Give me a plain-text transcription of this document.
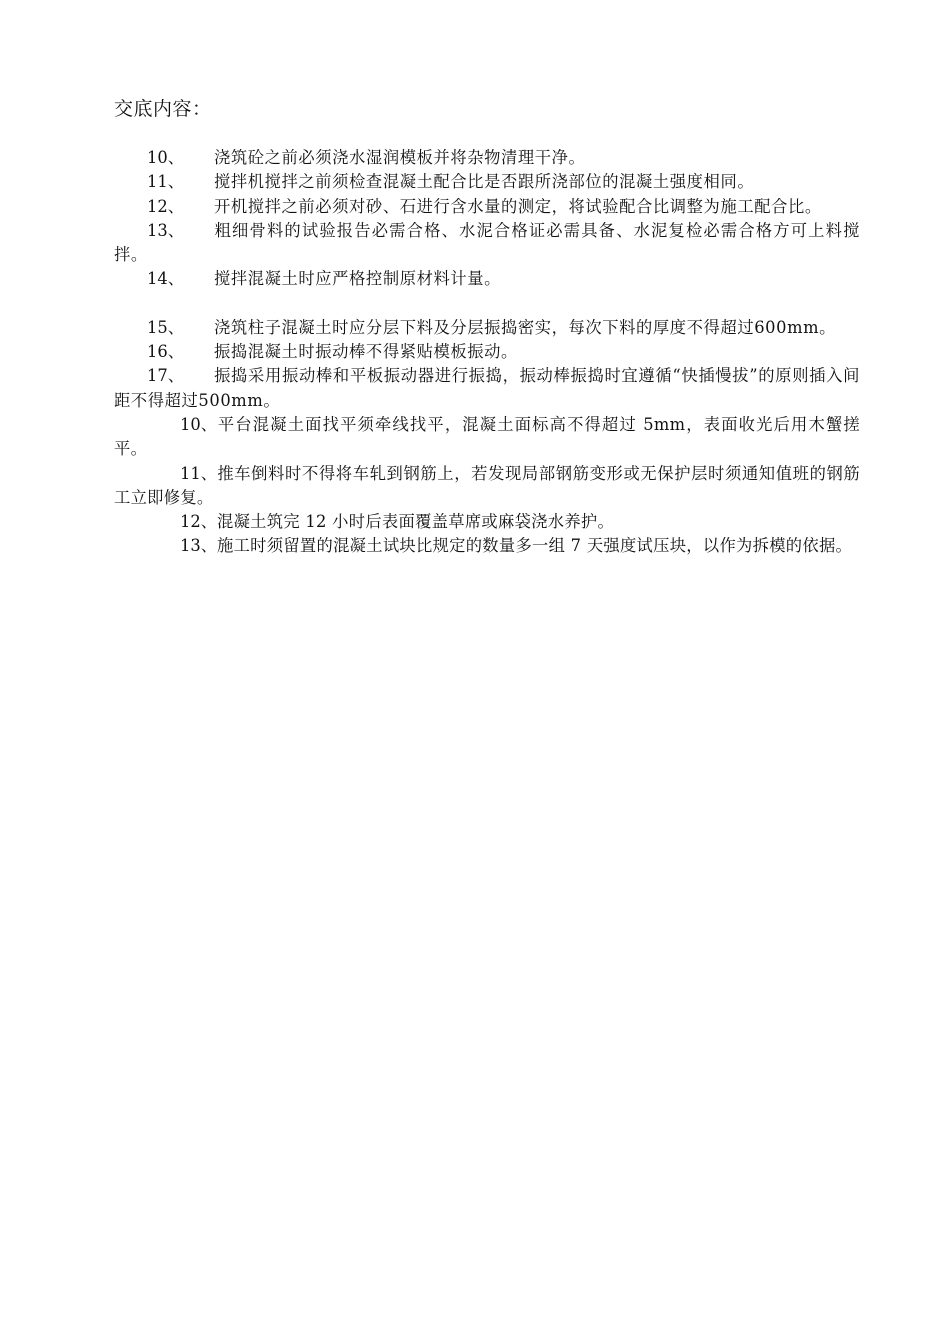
交底内容：

10、 浇筑砼之前必须浇水湿润模板并将杂物清理干净。

11、 搅拌机搅拌之前须检查混凝土配合比是否跟所浇部位的混凝土强度相同。

12、 开机搅拌之前必须对砂、石进行含水量的测定，将试验配合比调整为施工配合比。

13、 粗细骨料的试验报告必需合格、水泥合格证必需具备、水泥复检必需合格方可上料搅拌。

14、 搅拌混凝土时应严格控制原材料计量。

15、 浇筑柱子混凝土时应分层下料及分层振捣密实，每次下料的厚度不得超过600mm。

16、 振捣混凝土时振动棒不得紧贴模板振动。

17、 振捣采用振动棒和平板振动器进行振捣，振动棒振捣时宜遵循“快插慢拔”的原则插入间距不得超过500mm。

10、平台混凝土面找平须牵线找平，混凝土面标高不得超过 5mm，表面收光后用木蟹搓平。

11、推车倒料时不得将车轧到钢筋上，若发现局部钢筋变形或无保护层时须通知值班的钢筋工立即修复。

12、混凝土筑完 12 小时后表面覆盖草席或麻袋浇水养护。

13、施工时须留置的混凝土试块比规定的数量多一组 7 天强度试压块，以作为拆模的依据。
